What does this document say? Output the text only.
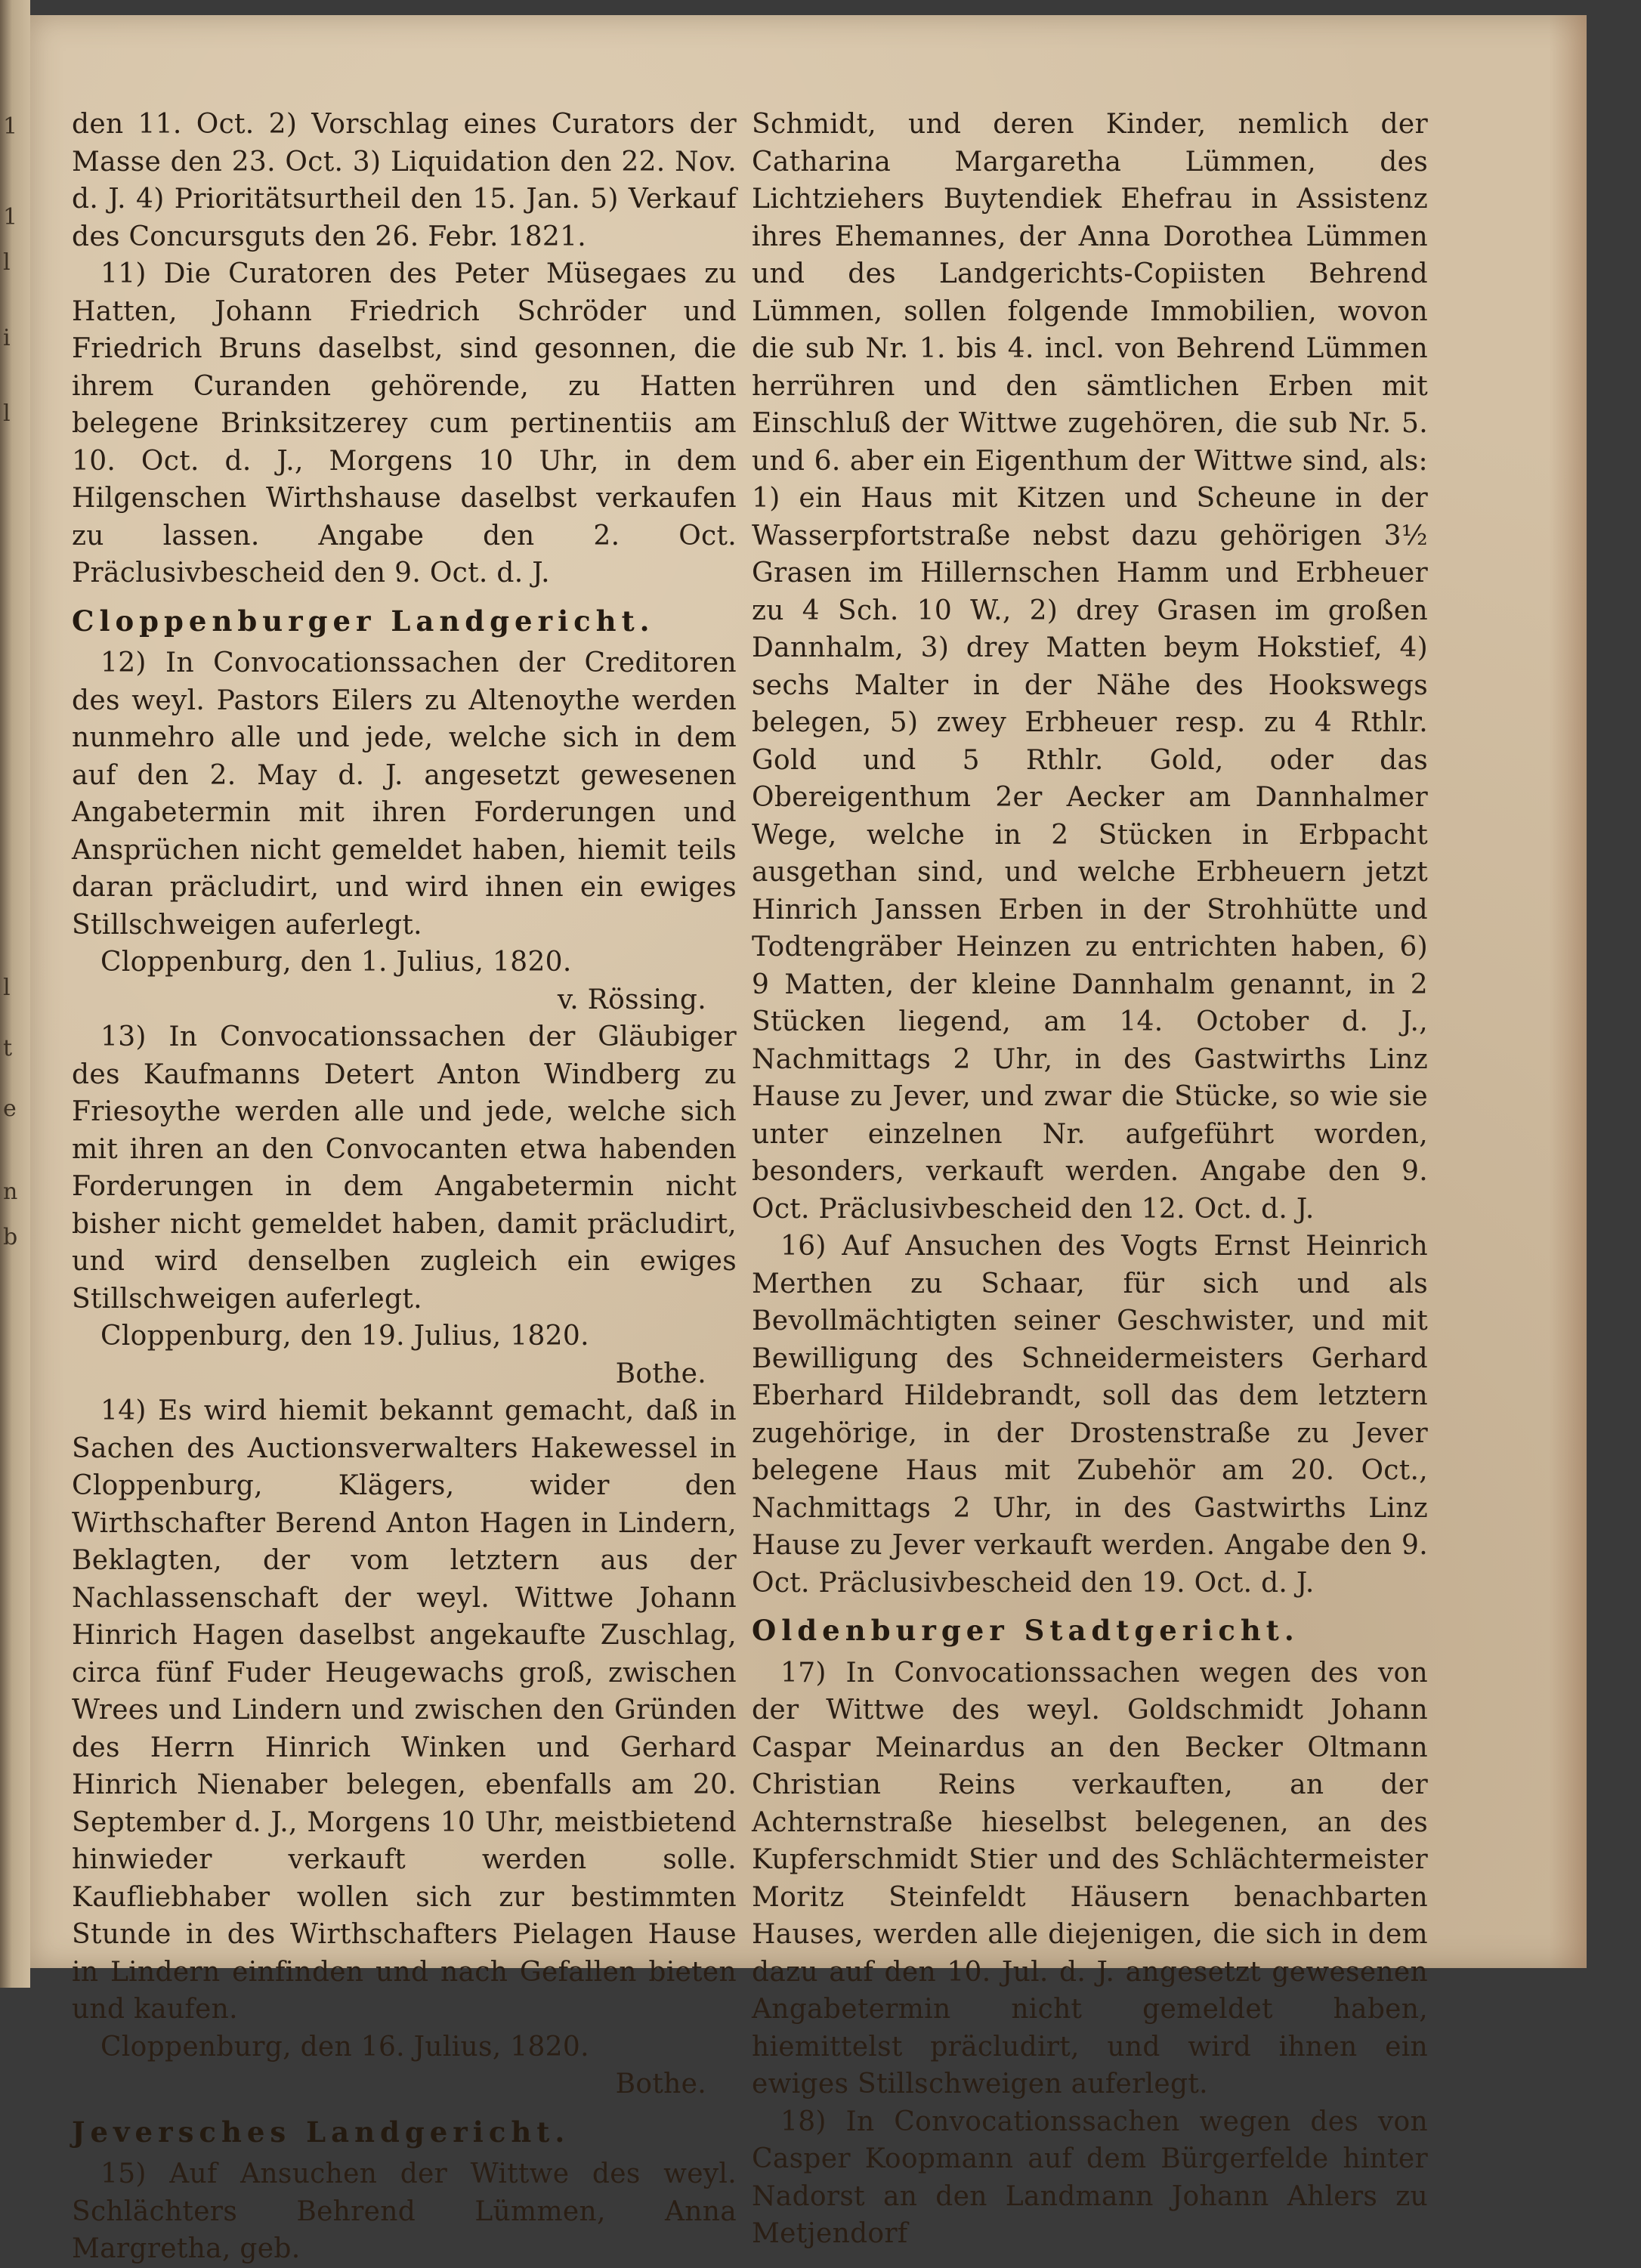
1
1
l
i
l
l
t
e
n
b

den 11. Oct. 2) Vorschlag eines Curators der Masse den 23. Oct. 3) Liquidation den 22. Nov. d. J. 4) Prioritätsurtheil den 15. Jan. 5) Verkauf des Concursguts den 26. Febr. 1821.

11) Die Curatoren des Peter Müsegaes zu Hatten, Johann Friedrich Schröder und Friedrich Bruns daselbst, sind gesonnen, die ihrem Curanden gehörende, zu Hatten belegene Brinksitzerey cum pertinentiis am 10. Oct. d. J., Morgens 10 Uhr, in dem Hilgenschen Wirthshause daselbst verkaufen zu lassen. Angabe den 2. Oct. Präclusivbescheid den 9. Oct. d. J.

Cloppenburger Landgericht.

12) In Convocationssachen der Creditoren des weyl. Pastors Eilers zu Altenoythe werden nunmehro alle und jede, welche sich in dem auf den 2. May d. J. angesetzt gewesenen Angabetermin mit ihren Forderungen und Ansprüchen nicht gemeldet haben, hiemit teils daran präcludirt, und wird ihnen ein ewiges Stillschweigen auferlegt.

Cloppenburg, den 1. Julius, 1820.

v. Rössing.

13) In Convocationssachen der Gläubiger des Kaufmanns Detert Anton Windberg zu Friesoythe werden alle und jede, welche sich mit ihren an den Convocanten etwa habenden Forderungen in dem Angabetermin nicht bisher nicht gemeldet haben, damit präcludirt, und wird denselben zugleich ein ewiges Stillschweigen auferlegt.

Cloppenburg, den 19. Julius, 1820.

Bothe.

14) Es wird hiemit bekannt gemacht, daß in Sachen des Auctionsverwalters Hakewessel in Cloppenburg, Klägers, wider den Wirthschafter Berend Anton Hagen in Lindern, Beklagten, der vom letztern aus der Nachlassenschaft der weyl. Wittwe Johann Hinrich Hagen daselbst angekaufte Zuschlag, circa fünf Fuder Heugewachs groß, zwischen Wrees und Lindern und zwischen den Gründen des Herrn Hinrich Winken und Gerhard Hinrich Nienaber belegen, ebenfalls am 20. September d. J., Morgens 10 Uhr, meistbietend hinwieder verkauft werden solle. Kaufliebhaber wollen sich zur bestimmten Stunde in des Wirthschafters Pielagen Hause in Lindern einfinden und nach Gefallen bieten und kaufen.

Cloppenburg, den 16. Julius, 1820.

Bothe.

Jeversches Landgericht.

15) Auf Ansuchen der Wittwe des weyl. Schlächters Behrend Lümmen, Anna Margretha, geb.

Schmidt, und deren Kinder, nemlich der Catharina Margaretha Lümmen, des Lichtziehers Buytendiek Ehefrau in Assistenz ihres Ehemannes, der Anna Dorothea Lümmen und des Landgerichts-Copiisten Behrend Lümmen, sollen folgende Immobilien, wovon die sub Nr. 1. bis 4. incl. von Behrend Lümmen herrühren und den sämtlichen Erben mit Einschluß der Wittwe zugehören, die sub Nr. 5. und 6. aber ein Eigenthum der Wittwe sind, als: 1) ein Haus mit Kitzen und Scheune in der Wasserpfortstraße nebst dazu gehörigen 3½ Grasen im Hillernschen Hamm und Erbheuer zu 4 Sch. 10 W., 2) drey Grasen im großen Dannhalm, 3) drey Matten beym Hokstief, 4) sechs Malter in der Nähe des Hookswegs belegen, 5) zwey Erbheuer resp. zu 4 Rthlr. Gold und 5 Rthlr. Gold, oder das Obereigenthum 2er Aecker am Dannhalmer Wege, welche in 2 Stücken in Erbpacht ausgethan sind, und welche Erbheuern jetzt Hinrich Janssen Erben in der Strohhütte und Todtengräber Heinzen zu entrichten haben, 6) 9 Matten, der kleine Dannhalm genannt, in 2 Stücken liegend, am 14. October d. J., Nachmittags 2 Uhr, in des Gastwirths Linz Hause zu Jever, und zwar die Stücke, so wie sie unter einzelnen Nr. aufgeführt worden, besonders, verkauft werden. Angabe den 9. Oct. Präclusivbescheid den 12. Oct. d. J.

16) Auf Ansuchen des Vogts Ernst Heinrich Merthen zu Schaar, für sich und als Bevollmächtigten seiner Geschwister, und mit Bewilligung des Schneidermeisters Gerhard Eberhard Hildebrandt, soll das dem letztern zugehörige, in der Drostenstraße zu Jever belegene Haus mit Zubehör am 20. Oct., Nachmittags 2 Uhr, in des Gastwirths Linz Hause zu Jever verkauft werden. Angabe den 9. Oct. Präclusivbescheid den 19. Oct. d. J.

Oldenburger Stadtgericht.

17) In Convocationssachen wegen des von der Wittwe des weyl. Goldschmidt Johann Caspar Meinardus an den Becker Oltmann Christian Reins verkauften, an der Achternstraße hieselbst belegenen, an des Kupferschmidt Stier und des Schlächtermeister Moritz Steinfeldt Häusern benachbarten Hauses, werden alle diejenigen, die sich in dem dazu auf den 10. Jul. d. J. angesetzt gewesenen Angabetermin nicht gemeldet haben, hiemittelst präcludirt, und wird ihnen ein ewiges Stillschweigen auferlegt.

18) In Convocationssachen wegen des von Casper Koopmann auf dem Bürgerfelde hinter Nadorst an den Landmann Johann Ahlers zu Metjendorf
